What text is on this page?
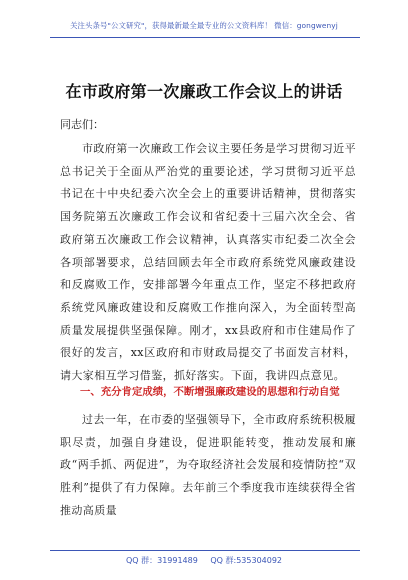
关注头条号"公文研究"，获得最新最全最专业的公文资料库！ 微信：gongwenyj
在市政府第一次廉政工作会议上的讲话
同志们：
市政府第一次廉政工作会议主要任务是学习贯彻习近平总书记关于全面从严治党的重要论述，学习贯彻习近平总书记在十中央纪委六次全会上的重要讲话精神，贯彻落实国务院第五次廉政工作会议和省纪委十三届六次全会、省政府第五次廉政工作会议精神，认真落实市纪委二次全会各项部署要求，总结回顾去年全市政府系统党风廉政建设和反腐败工作，安排部署今年重点工作，坚定不移把政府系统党风廉政建设和反腐败工作推向深入，为全面转型高质量发展提供坚强保障。刚才，xx县政府和市住建局作了很好的发言，xx区政府和市财政局提交了书面发言材料，请大家相互学习借鉴，抓好落实。下面，我讲四点意见。
一、充分肯定成绩，不断增强廉政建设的思想和行动自觉
过去一年，在市委的坚强领导下，全市政府系统积极履职尽责，加强自身建设，促进职能转变，推动发展和廉政“两手抓、两促进”，为夺取经济社会发展和疫情防控“双胜利”提供了有力保障。去年前三个季度我市连续获得全省推动高质量
QQ 群：31991489 QQ 群:535304092
